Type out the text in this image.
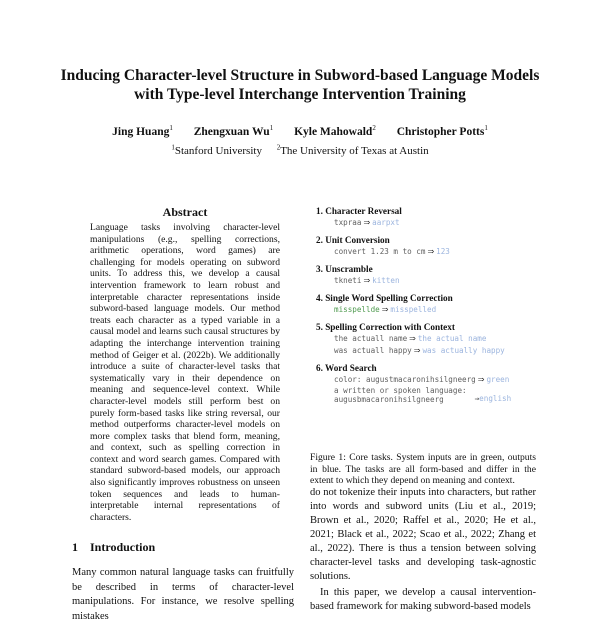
Inducing Character-level Structure in Subword-based Language Models
with Type-level Interchange Intervention Training
Jing Huang$^1$ Zhengxuan Wu$^1$ Kyle Mahowald$^2$ Christopher Potts$^1$
$^1$Stanford University $^2$The University of Texas at Austin
Abstract
Language tasks involving character-level manipulations (e.g., spelling corrections, arithmetic operations, word games) are challenging for models operating on subword units. To address this, we develop a causal intervention framework to learn robust and interpretable character representations inside subword-based language models. Our method treats each character as a typed variable in a causal model and learns such causal structures by adapting the interchange intervention training method of Geiger et al. (2022b). We additionally introduce a suite of character-level tasks that systematically vary in their dependence on meaning and sequence-level context. While character-level models still perform best on purely form-based tasks like string reversal, our method outperforms character-level models on more complex tasks that blend form, meaning, and context, such as spelling correction in context and word search games. Compared with standard subword-based models, our approach also significantly improves robustness on unseen token sequences and leads to human-interpretable internal representations of characters.
1 Introduction
Many common natural language tasks can fruitfully be described in terms of character-level manipulations. For instance, we resolve spelling mistakes
1. Character Reversal
txpraa ⇒ aarpxt
2. Unit Conversion
convert 1.23 m to cm ⇒ 123
3. Unscramble
tkneti ⇒ kitten
4. Single Word Spelling Correction
misspellde ⇒ misspelled
5. Spelling Correction with Context
the actuall name ⇒ the actual name
was actuall happy ⇒ was actually happy
6. Word Search
color: augustmacaronihsilgneerg ⇒ green
a written or spoken language:
augusbmacaronihsilgneerg	⇒english
Figure 1: Core tasks. System inputs are in green, outputs in blue. The tasks are all form-based and differ in the extent to which they depend on meaning and context.

do not tokenize their inputs into characters, but rather into words and subword units (Liu et al., 2019; Brown et al., 2020; Raffel et al., 2020; He et al., 2021; Black et al., 2022; Scao et al., 2022; Zhang et al., 2022). There is thus a tension between solving character-level tasks and developing task-agnostic solutions.

In this paper, we develop a causal intervention-based framework for making subword-based models
